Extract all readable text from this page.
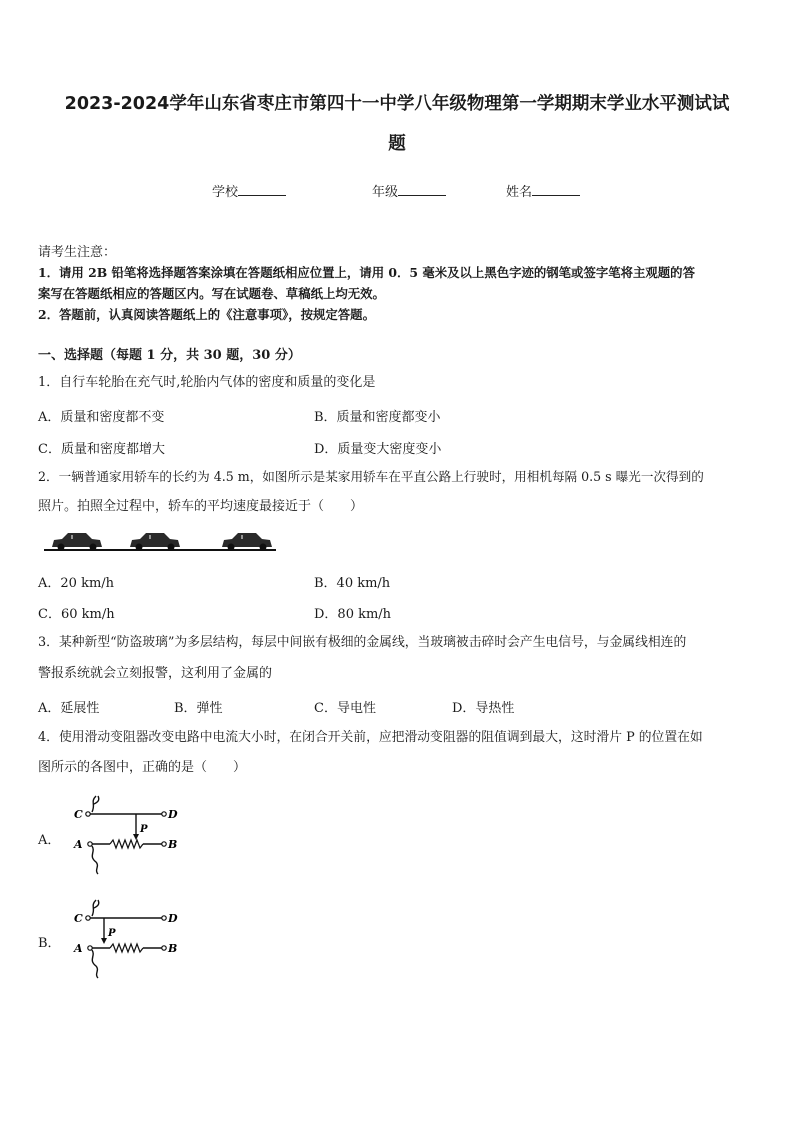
2023-2024学年山东省枣庄市第四十一中学八年级物理第一学期期末学业水平测试试
题
学校	年级	姓名
请考生注意：
1．请用 2B 铅笔将选择题答案涂填在答题纸相应位置上，请用 0．5 毫米及以上黑色字迹的钢笔或签字笔将主观题的答
案写在答题纸相应的答题区内。写在试题卷、草稿纸上均无效。
2．答题前，认真阅读答题纸上的《注意事项》，按规定答题。
一、选择题（每题 1 分，共 30 题，30 分）
1．自行车轮胎在充气时,轮胎内气体的密度和质量的变化是
A．质量和密度都不变	B．质量和密度都变小
C．质量和密度都增大	D．质量变大密度变小
2．一辆普通家用轿车的长约为 4.5 m，如图所示是某家用轿车在平直公路上行驶时，用相机每隔 0.5 s 曝光一次得到的
照片。拍照全过程中，轿车的平均速度最接近于（　　）
A．20 km/h	B．40 km/h
C．60 km/h	D．80 km/h
3．某种新型“防盗玻璃”为多层结构，每层中间嵌有极细的金属线，当玻璃被击碎时会产生电信号，与金属线相连的
警报系统就会立刻报警，这利用了金属的
A．延展性	B．弹性	C．导电性	D．导热性
4．使用滑动变阻器改变电路中电流大小时，在闭合开关前，应把滑动变阻器的阻值调到最大，这时滑片 P 的位置在如
图所示的各图中，正确的是（　　）
A．
C	D
P
A	B
B．
C	D
P
A	B
